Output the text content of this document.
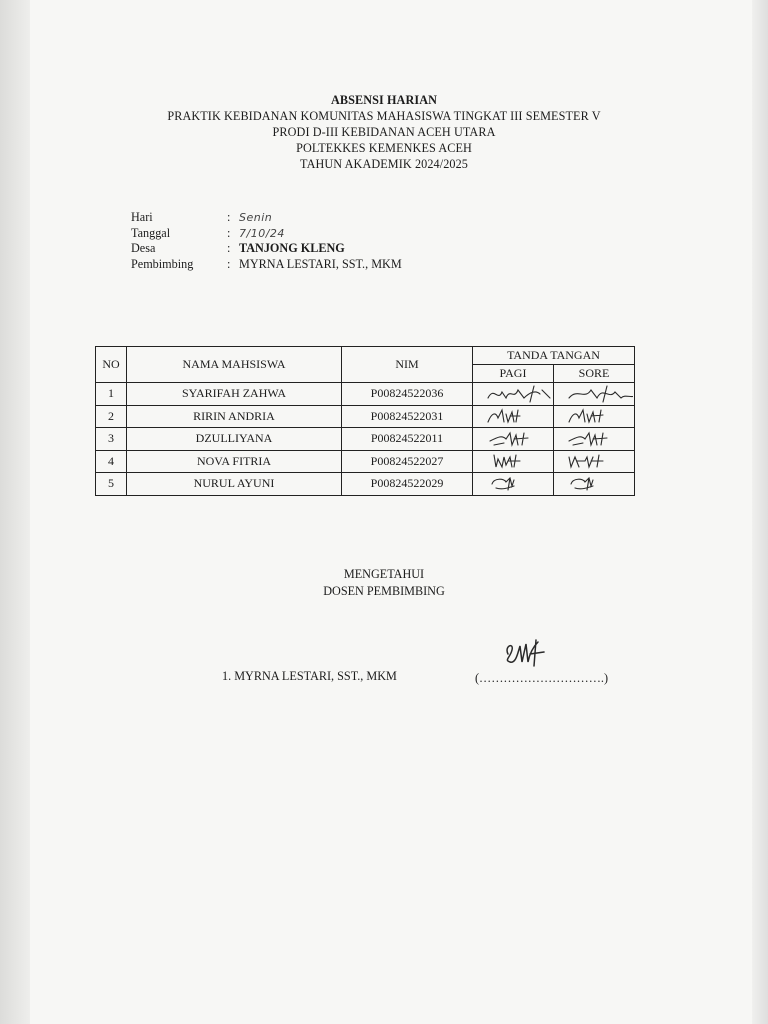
ABSENSI HARIAN
PRAKTIK KEBIDANAN KOMUNITAS MAHASISWA TINGKAT III SEMESTER V
PRODI D-III KEBIDANAN ACEH UTARA
POLTEKKES KEMENKES ACEH
TAHUN AKADEMIK 2024/2025
Hari	: Senin
Tanggal	: 7/10/24
Desa	: TANJONG KLENG
Pembimbing	: MYRNA LESTARI, SST., MKM
NO	NAMA MAHSISWA	NIM	TANDA TANGAN	
			PAGI	SORE
1	SYARIFAH ZAHWA	P00824522036	

2	RIRIN ANDRIA	P00824522031	

3	DZULLIYANA	P00824522011	

4	NOVA FITRIA	P00824522027	

5	NURUL AYUNI	P00824522029	

MENGETAHUI
DOSEN PEMBIMBING
1. MYRNA LESTARI, SST., MKM	(………………………….)
